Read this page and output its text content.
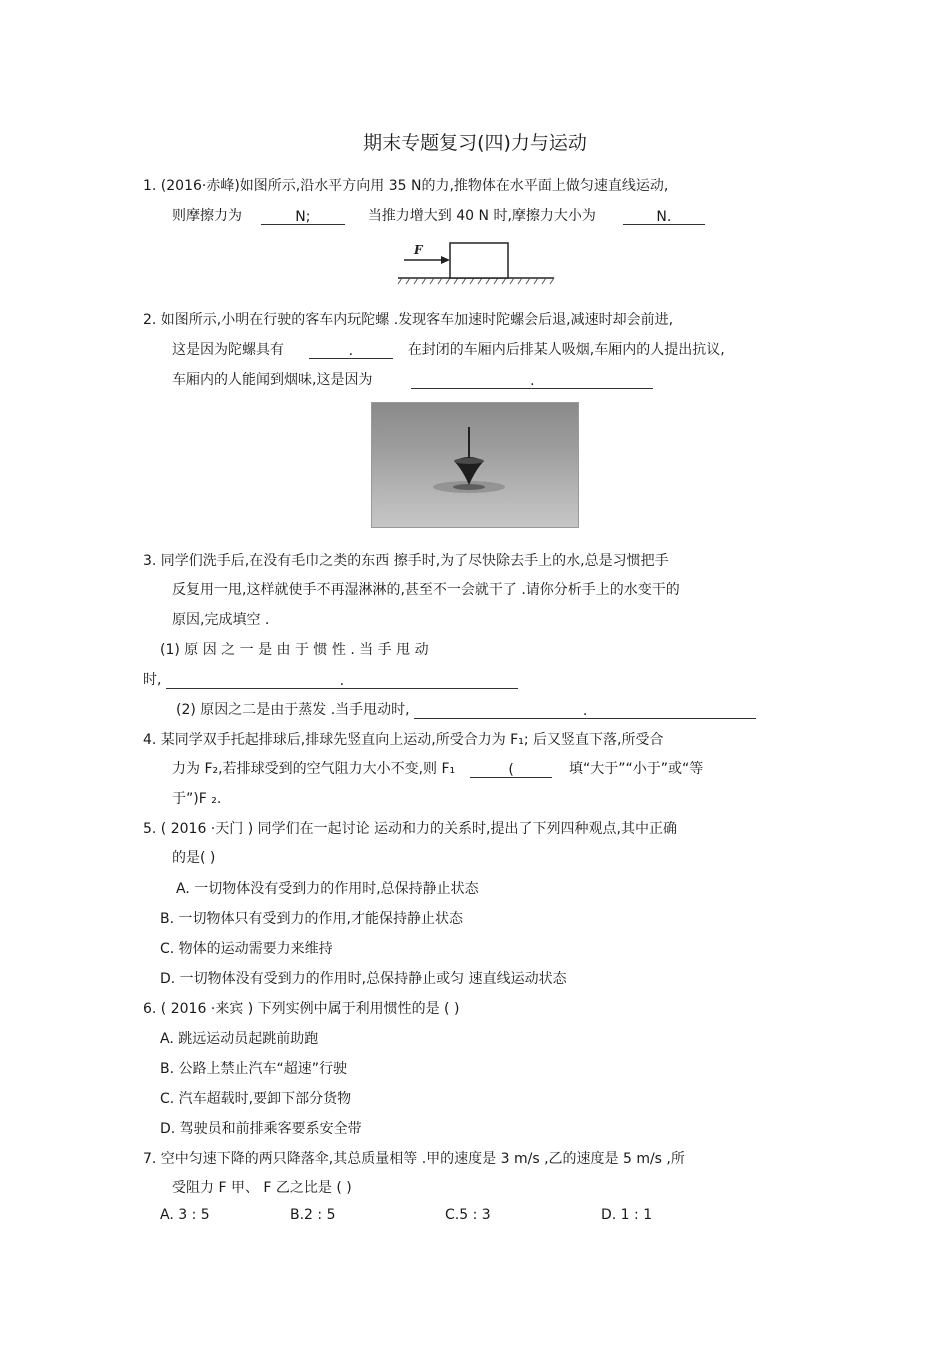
期末专题复习(四)力与运动
1. (2016·赤峰)如图所示,沿水平方向用 35 N的力,推物体在水平面上做匀速直线运动,
则摩擦力为	N;	当推力增大到 40 N 时,摩擦力大小为	N.
F
2. 如图所示,小明在行驶的客车内玩陀螺 .发现客车加速时陀螺会后退,减速时却会前进,
这是因为陀螺具有	.	在封闭的车厢内后排某人吸烟,车厢内的人提出抗议,
车厢内的人能闻到烟味,这是因为	.
3. 同学们洗手后,在没有毛巾之类的东西 擦手时,为了尽快除去手上的水,总是习惯把手
反复用一甩,这样就使手不再湿淋淋的,甚至不一会就干了 .请你分析手上的水变干的
原因,完成填空 .
(1) 原 因 之 一 是 由 于 惯 性 . 当 手 甩 动
时,	.
(2) 原因之二是由于蒸发 .当手甩动时,	.
4. 某同学双手托起排球后,排球先竖直向上运动,所受合力为 F₁; 后又竖直下落,所受合
力为 F₂,若排球受到的空气阻力大小不变,则 F₁	(	填“大于”“小于”或“等
于”)F ₂.
5. ( 2016 ·天门 ) 同学们在一起讨论 运动和力的关系时,提出了下列四种观点,其中正确
的是( )
A. 一切物体没有受到力的作用时,总保持静止状态
B. 一切物体只有受到力的作用,才能保持静止状态
C. 物体的运动需要力来维持
D. 一切物体没有受到力的作用时,总保持静止或匀 速直线运动状态
6. ( 2016 ·来宾 ) 下列实例中属于利用惯性的是 ( )
A. 跳远运动员起跳前助跑
B. 公路上禁止汽车“超速”行驶
C. 汽车超载时,要卸下部分货物
D. 驾驶员和前排乘客要系安全带
7. 空中匀速下降的两只降落伞,其总质量相等 .甲的速度是 3 m/s ,乙的速度是 5 m/s ,所
受阻力 F 甲、 F 乙之比是 ( )
A. 3 : 5	B.2 : 5	C.5 : 3	D. 1 : 1
